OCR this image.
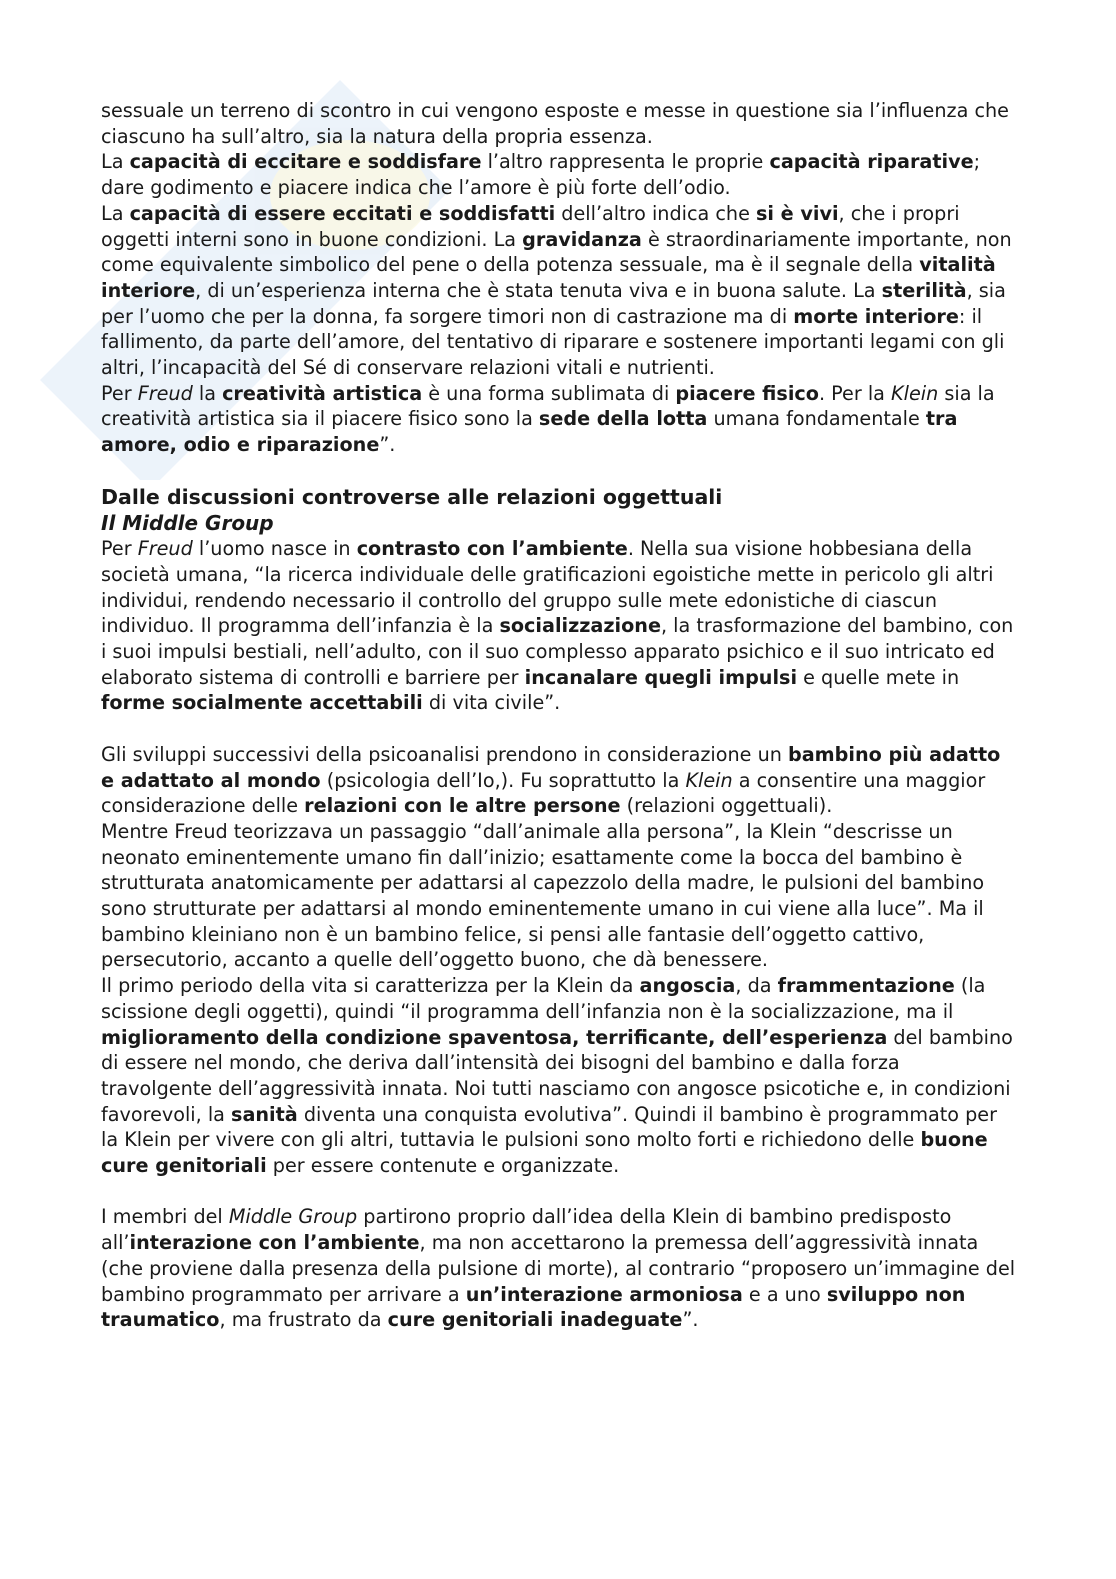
sessuale un terreno di scontro in cui vengono esposte e messe in questione sia l’influenza che ciascuno ha sull’altro, sia la natura della propria essenza.

La capacità di eccitare e soddisfare l’altro rappresenta le proprie capacità riparative; dare godimento e piacere indica che l’amore è più forte dell’odio.

La capacità di essere eccitati e soddisfatti dell’altro indica che si è vivi, che i propri oggetti interni sono in buone condizioni. La gravidanza è straordinariamente importante, non come equivalente simbolico del pene o della potenza sessuale, ma è il segnale della vitalità interiore, di un’esperienza interna che è stata tenuta viva e in buona salute. La sterilità, sia per l’uomo che per la donna, fa sorgere timori non di castrazione ma di morte interiore: il fallimento, da parte dell’amore, del tentativo di riparare e sostenere importanti legami con gli altri, l’incapacità del Sé di conservare relazioni vitali e nutrienti.

Per Freud la creatività artistica è una forma sublimata di piacere fisico. Per la Klein sia la creatività artistica sia il piacere fisico sono la sede della lotta umana fondamentale tra amore, odio e riparazione”.

Dalle discussioni controverse alle relazioni oggettuali
Il Middle Group

Per Freud l’uomo nasce in contrasto con l’ambiente. Nella sua visione hobbesiana della società umana, “la ricerca individuale delle gratificazioni egoistiche mette in pericolo gli altri individui, rendendo necessario il controllo del gruppo sulle mete edonistiche di ciascun individuo. Il programma dell’infanzia è la socializzazione, la trasformazione del bambino, con i suoi impulsi bestiali, nell’adulto, con il suo complesso apparato psichico e il suo intricato ed elaborato sistema di controlli e barriere per incanalare quegli impulsi e quelle mete in forme socialmente accettabili di vita civile”.

Gli sviluppi successivi della psicoanalisi prendono in considerazione un bambino più adatto e adattato al mondo (psicologia dell’Io,). Fu soprattutto la Klein a consentire una maggior considerazione delle relazioni con le altre persone (relazioni oggettuali).

Mentre Freud teorizzava un passaggio “dall’animale alla persona”, la Klein “descrisse un neonato eminentemente umano fin dall’inizio; esattamente come la bocca del bambino è strutturata anatomicamente per adattarsi al capezzolo della madre, le pulsioni del bambino sono strutturate per adattarsi al mondo eminentemente umano in cui viene alla luce”. Ma il bambino kleiniano non è un bambino felice, si pensi alle fantasie dell’oggetto cattivo, persecutorio, accanto a quelle dell’oggetto buono, che dà benessere.

Il primo periodo della vita si caratterizza per la Klein da angoscia, da frammentazione (la scissione degli oggetti), quindi “il programma dell’infanzia non è la socializzazione, ma il miglioramento della condizione spaventosa, terrificante, dell’esperienza del bambino di essere nel mondo, che deriva dall’intensità dei bisogni del bambino e dalla forza travolgente dell’aggressività innata. Noi tutti nasciamo con angosce psicotiche e, in condizioni favorevoli, la sanità diventa una conquista evolutiva”. Quindi il bambino è programmato per la Klein per vivere con gli altri, tuttavia le pulsioni sono molto forti e richiedono delle buone cure genitoriali per essere contenute e organizzate.

I membri del Middle Group partirono proprio dall’idea della Klein di bambino predisposto all’interazione con l’ambiente, ma non accettarono la premessa dell’aggressività innata (che proviene dalla presenza della pulsione di morte), al contrario “proposero un’immagine del bambino programmato per arrivare a un’interazione armoniosa e a uno sviluppo non traumatico, ma frustrato da cure genitoriali inadeguate”.
